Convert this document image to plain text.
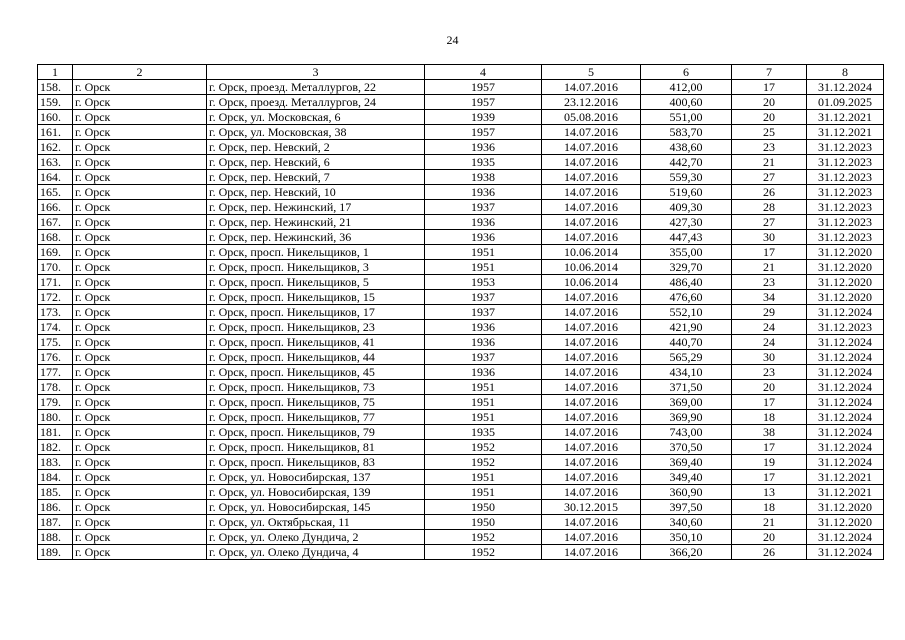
24
1	2	3	4	5	6	7	8
158.	г. Орск	г. Орск, проезд. Металлургов, 22	1957	14.07.2016	412,00	17	31.12.2024
159.	г. Орск	г. Орск, проезд. Металлургов, 24	1957	23.12.2016	400,60	20	01.09.2025
160.	г. Орск	г. Орск, ул. Московская, 6	1939	05.08.2016	551,00	20	31.12.2021
161.	г. Орск	г. Орск, ул. Московская, 38	1957	14.07.2016	583,70	25	31.12.2021
162.	г. Орск	г. Орск, пер. Невский, 2	1936	14.07.2016	438,60	23	31.12.2023
163.	г. Орск	г. Орск, пер. Невский, 6	1935	14.07.2016	442,70	21	31.12.2023
164.	г. Орск	г. Орск, пер. Невский, 7	1938	14.07.2016	559,30	27	31.12.2023
165.	г. Орск	г. Орск, пер. Невский, 10	1936	14.07.2016	519,60	26	31.12.2023
166.	г. Орск	г. Орск, пер. Нежинский, 17	1937	14.07.2016	409,30	28	31.12.2023
167.	г. Орск	г. Орск, пер. Нежинский, 21	1936	14.07.2016	427,30	27	31.12.2023
168.	г. Орск	г. Орск, пер. Нежинский, 36	1936	14.07.2016	447,43	30	31.12.2023
169.	г. Орск	г. Орск, просп. Никельщиков, 1	1951	10.06.2014	355,00	17	31.12.2020
170.	г. Орск	г. Орск, просп. Никельщиков, 3	1951	10.06.2014	329,70	21	31.12.2020
171.	г. Орск	г. Орск, просп. Никельщиков, 5	1953	10.06.2014	486,40	23	31.12.2020
172.	г. Орск	г. Орск, просп. Никельщиков, 15	1937	14.07.2016	476,60	34	31.12.2020
173.	г. Орск	г. Орск, просп. Никельщиков, 17	1937	14.07.2016	552,10	29	31.12.2024
174.	г. Орск	г. Орск, просп. Никельщиков, 23	1936	14.07.2016	421,90	24	31.12.2023
175.	г. Орск	г. Орск, просп. Никельщиков, 41	1936	14.07.2016	440,70	24	31.12.2024
176.	г. Орск	г. Орск, просп. Никельщиков, 44	1937	14.07.2016	565,29	30	31.12.2024
177.	г. Орск	г. Орск, просп. Никельщиков, 45	1936	14.07.2016	434,10	23	31.12.2024
178.	г. Орск	г. Орск, просп. Никельщиков, 73	1951	14.07.2016	371,50	20	31.12.2024
179.	г. Орск	г. Орск, просп. Никельщиков, 75	1951	14.07.2016	369,00	17	31.12.2024
180.	г. Орск	г. Орск, просп. Никельщиков, 77	1951	14.07.2016	369,90	18	31.12.2024
181.	г. Орск	г. Орск, просп. Никельщиков, 79	1935	14.07.2016	743,00	38	31.12.2024
182.	г. Орск	г. Орск, просп. Никельщиков, 81	1952	14.07.2016	370,50	17	31.12.2024
183.	г. Орск	г. Орск, просп. Никельщиков, 83	1952	14.07.2016	369,40	19	31.12.2024
184.	г. Орск	г. Орск, ул. Новосибирская, 137	1951	14.07.2016	349,40	17	31.12.2021
185.	г. Орск	г. Орск, ул. Новосибирская, 139	1951	14.07.2016	360,90	13	31.12.2021
186.	г. Орск	г. Орск, ул. Новосибирская, 145	1950	30.12.2015	397,50	18	31.12.2020
187.	г. Орск	г. Орск, ул. Октябрьская, 11	1950	14.07.2016	340,60	21	31.12.2020
188.	г. Орск	г. Орск, ул. Олеко Дундича, 2	1952	14.07.2016	350,10	20	31.12.2024
189.	г. Орск	г. Орск, ул. Олеко Дундича, 4	1952	14.07.2016	366,20	26	31.12.2024
